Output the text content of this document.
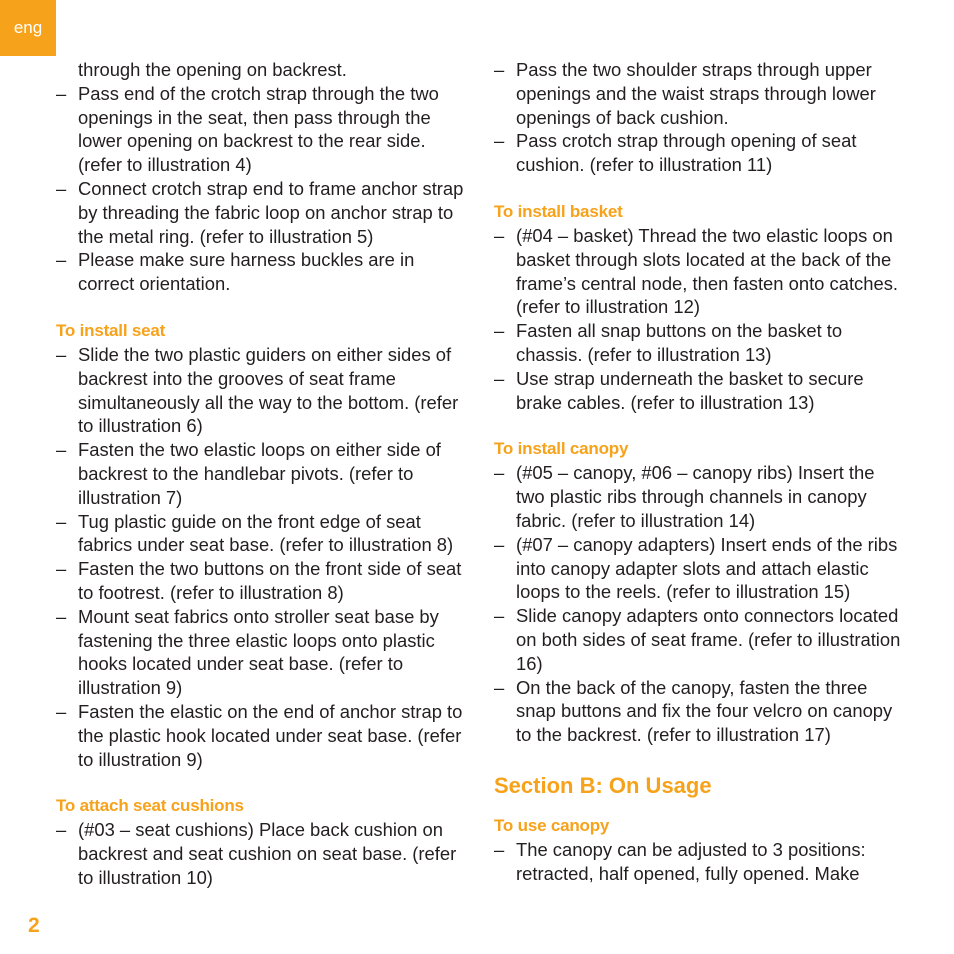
eng

through the opening on backrest.

– Pass end of the crotch strap through the two openings in the seat, then pass through the lower opening on backrest to the rear side. (refer to illustration 4)
– Connect crotch strap end to frame anchor strap by threading the fabric loop on anchor strap to the metal ring. (refer to illustration 5)
– Please make sure harness buckles are in correct orientation.
To install seat
– Slide the two plastic guiders on either sides of backrest into the grooves of seat frame simultaneously all the way to the bottom. (refer to illustration 6)
– Fasten the two elastic loops on either side of backrest to the handlebar pivots. (refer to illustration 7)
– Tug plastic guide on the front edge of seat fabrics under seat base. (refer to illustration 8)
– Fasten the two buttons on the front side of seat to footrest. (refer to illustration 8)
– Mount seat fabrics onto stroller seat base by fastening the three elastic loops onto plastic hooks located under seat base. (refer to illustration 9)
– Fasten the elastic on the end of anchor strap to the plastic hook located under seat base. (refer to illustration 9)
To attach seat cushions
– (#03 – seat cushions) Place back cushion on backrest and seat cushion on seat base. (refer to illustration 10)
– Pass the two shoulder straps through upper openings and the waist straps through lower openings of back cushion.
– Pass crotch strap through opening of seat cushion. (refer to illustration 11)
To install basket
– (#04 – basket) Thread the two elastic loops on basket through slots located at the back of the frame’s central node, then fasten onto catches. (refer to illustration 12)
– Fasten all snap buttons on the basket to chassis. (refer to illustration 13)
– Use strap underneath the basket to secure brake cables. (refer to illustration 13)
To install canopy
– (#05 – canopy, #06 – canopy ribs) Insert the two plastic ribs through channels in canopy fabric. (refer to illustration 14)
– (#07 – canopy adapters) Insert ends of the ribs into canopy adapter slots and attach elastic loops to the reels. (refer to illustration 15)
– Slide canopy adapters onto connectors located on both sides of seat frame. (refer to illustration 16)
– On the back of the canopy, fasten the three snap buttons and fix the four velcro on canopy to the backrest. (refer to illustration 17)
Section B: On Usage
To use canopy
– The canopy can be adjusted to 3 positions: retracted, half opened, fully opened. Make
2
